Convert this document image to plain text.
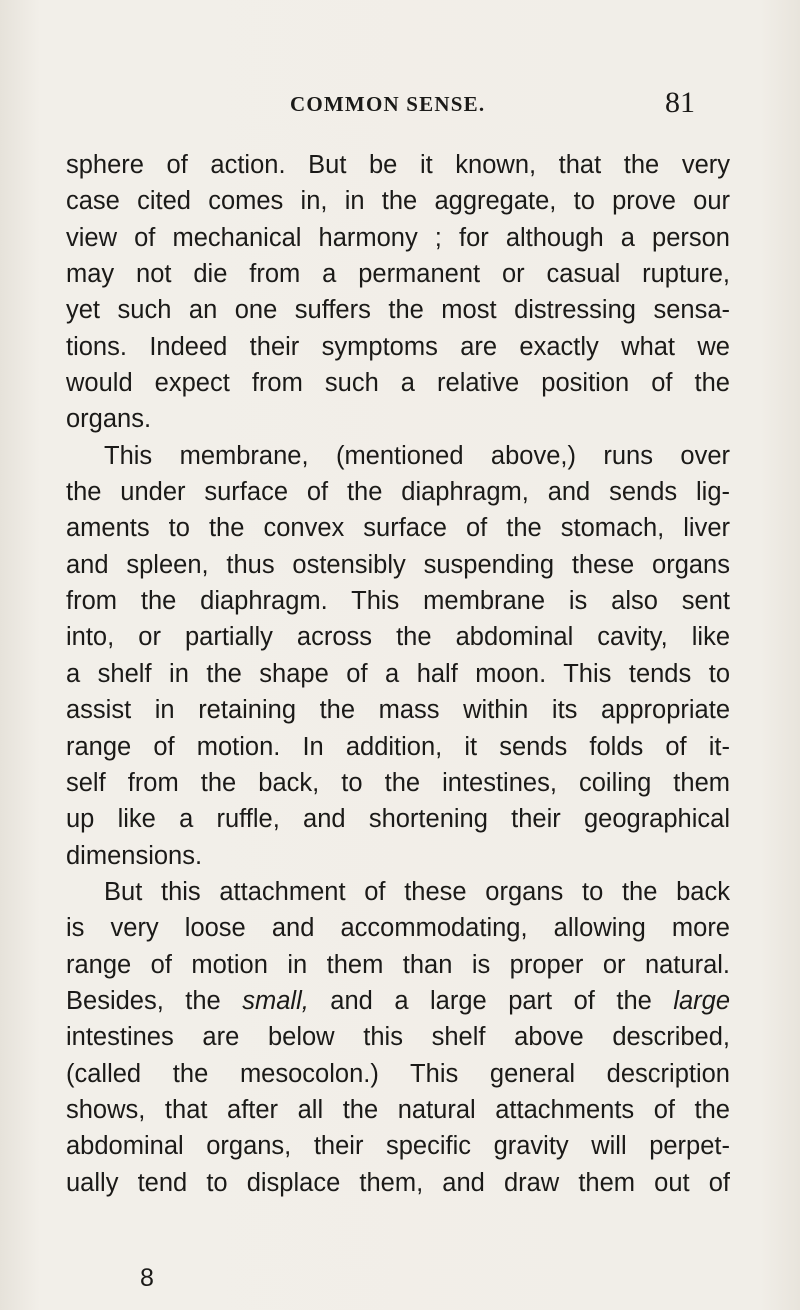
COMMON SENSE.	81
sphere of action. But be it known, that the very
case cited comes in, in the aggregate, to prove our
view of mechanical harmony ; for although a person
may not die from a permanent or casual rupture,
yet such an one suffers the most distressing sensa-
tions. Indeed their symptoms are exactly what we
would expect from such a relative position of the
organs.
This membrane, (mentioned above,) runs over
the under surface of the diaphragm, and sends lig-
aments to the convex surface of the stomach, liver
and spleen, thus ostensibly suspending these organs
from the diaphragm. This membrane is also sent
into, or partially across the abdominal cavity, like
a shelf in the shape of a half moon. This tends to
assist in retaining the mass within its appropriate
range of motion. In addition, it sends folds of it-
self from the back, to the intestines, coiling them
up like a ruffle, and shortening their geographical
dimensions.
But this attachment of these organs to the back
is very loose and accommodating, allowing more
range of motion in them than is proper or natural.
Besides, the small, and a large part of the large
intestines are below this shelf above described,
(called the mesocolon.) This general description
shows, that after all the natural attachments of the
abdominal organs, their specific gravity will perpet-
ually tend to displace them, and draw them out of
8
